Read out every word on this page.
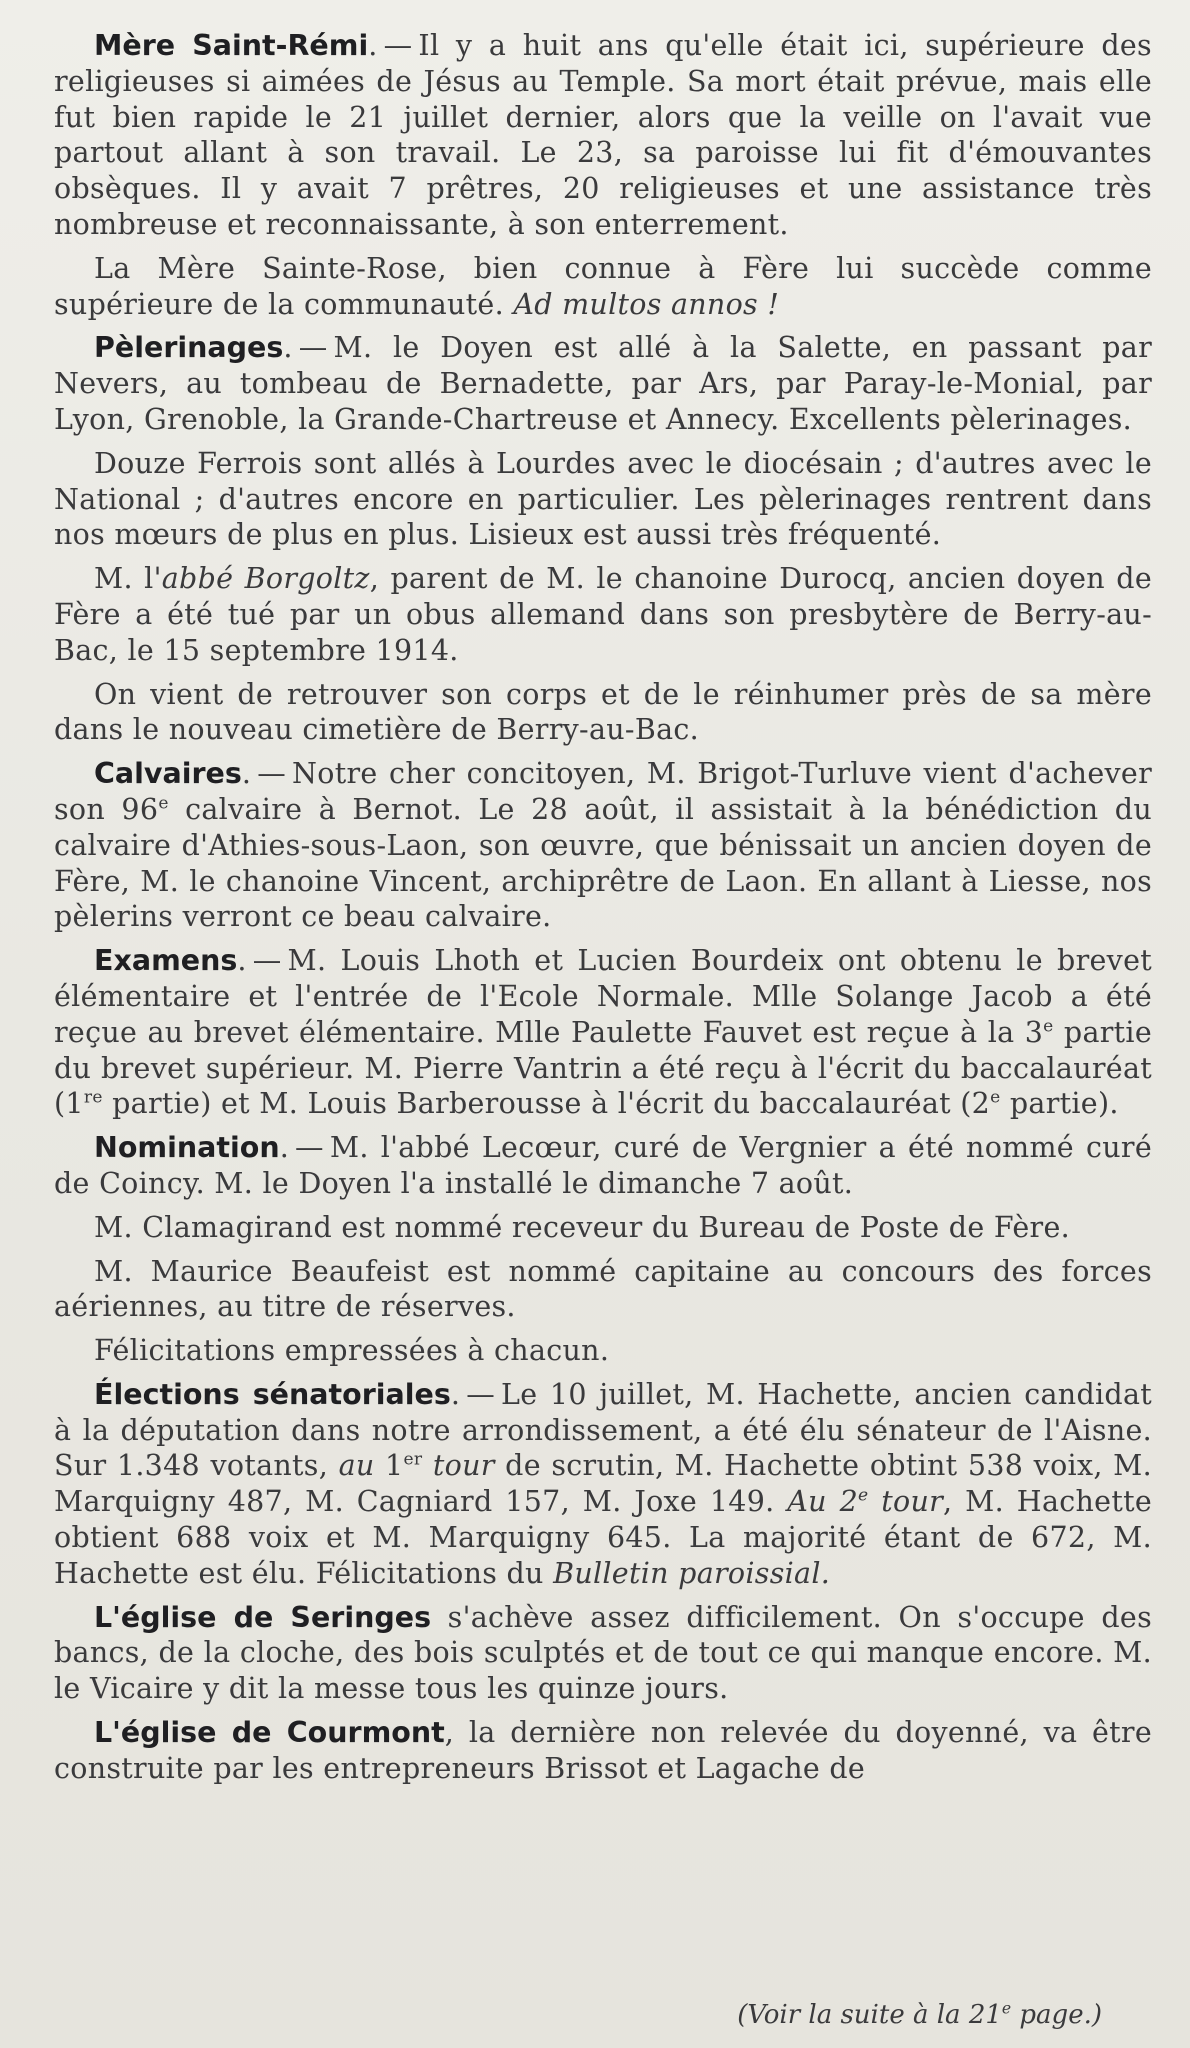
Mère Saint-Rémi. — Il y a huit ans qu'elle était ici, supérieure des religieuses si aimées de Jésus au Temple. Sa mort était prévue, mais elle fut bien rapide le 21 juillet dernier, alors que la veille on l'avait vue partout allant à son travail. Le 23, sa paroisse lui fit d'émouvantes obsèques. Il y avait 7 prêtres, 20 religieuses et une assistance très nombreuse et reconnaissante, à son enterrement.

La Mère Sainte-Rose, bien connue à Fère lui succède comme supérieure de la communauté. Ad multos annos !

Pèlerinages. — M. le Doyen est allé à la Salette, en passant par Nevers, au tombeau de Bernadette, par Ars, par Paray-le-Monial, par Lyon, Grenoble, la Grande-Chartreuse et Annecy. Excellents pèlerinages.

Douze Ferrois sont allés à Lourdes avec le diocésain ; d'autres avec le National ; d'autres encore en particulier. Les pèlerinages rentrent dans nos mœurs de plus en plus. Lisieux est aussi très fréquenté.

M. l'abbé Borgoltz, parent de M. le chanoine Durocq, ancien doyen de Fère a été tué par un obus allemand dans son presbytère de Berry-au-Bac, le 15 septembre 1914.

On vient de retrouver son corps et de le réinhumer près de sa mère dans le nouveau cimetière de Berry-au-Bac.

Calvaires. — Notre cher concitoyen, M. Brigot-Turluve vient d'achever son 96e calvaire à Bernot. Le 28 août, il assistait à la bénédiction du calvaire d'Athies-sous-Laon, son œuvre, que bénissait un ancien doyen de Fère, M. le chanoine Vincent, archiprêtre de Laon. En allant à Liesse, nos pèlerins verront ce beau calvaire.

Examens. — M. Louis Lhoth et Lucien Bourdeix ont obtenu le brevet élémentaire et l'entrée de l'Ecole Normale. Mlle Solange Jacob a été reçue au brevet élémentaire. Mlle Paulette Fauvet est reçue à la 3e partie du brevet supérieur. M. Pierre Vantrin a été reçu à l'écrit du baccalauréat (1re partie) et M. Louis Barberousse à l'écrit du baccalauréat (2e partie).

Nomination. — M. l'abbé Lecœur, curé de Vergnier a été nommé curé de Coincy. M. le Doyen l'a installé le dimanche 7 août.

M. Clamagirand est nommé receveur du Bureau de Poste de Fère.

M. Maurice Beaufeist est nommé capitaine au concours des forces aériennes, au titre de réserves.

Félicitations empressées à chacun.

Élections sénatoriales. — Le 10 juillet, M. Hachette, ancien candidat à la députation dans notre arrondissement, a été élu sénateur de l'Aisne. Sur 1.348 votants, au 1er tour de scrutin, M. Hachette obtint 538 voix, M. Marquigny 487, M. Cagniard 157, M. Joxe 149. Au 2e tour, M. Hachette obtient 688 voix et M. Marquigny 645. La majorité étant de 672, M. Hachette est élu. Félicitations du Bulletin paroissial.

L'église de Seringes s'achève assez difficilement. On s'occupe des bancs, de la cloche, des bois sculptés et de tout ce qui manque encore. M. le Vicaire y dit la messe tous les quinze jours.

L'église de Courmont, la dernière non relevée du doyenné, va être construite par les entrepreneurs Brissot et Lagache de

(Voir la suite à la 21e page.)
